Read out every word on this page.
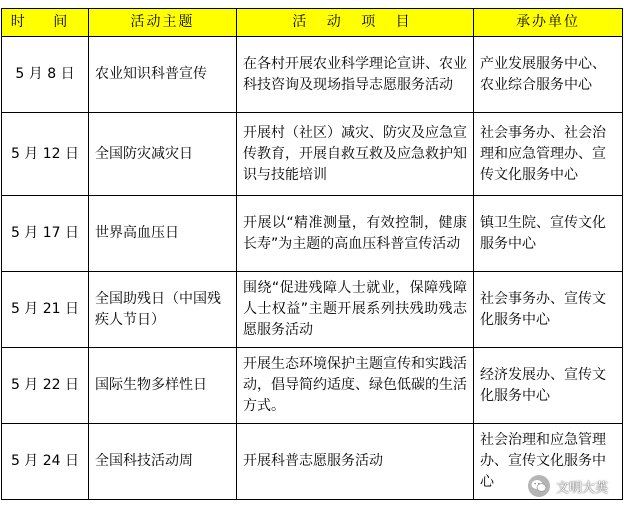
时 间	活动主题	活 动 项 目	承办单位
5 月 8 日	农业知识科普宣传	在各村开展农业科学理论宣讲、农业科技咨询及现场指导志愿服务活动	产业发展服务中心、农业综合服务中心
5 月 12 日	全国防灾减灾日	开展村（社区）减灾、防灾及应急宣传教育，开展自救互救及应急救护知识与技能培训	社会事务办、社会治理和应急管理办、宣传文化服务中心
5 月 17 日	世界高血压日	开展以“精准测量，有效控制，健康长寿”为主题的高血压科普宣传活动	镇卫生院、宣传文化服务中心
5 月 21 日	全国助残日（中国残疾人节日）	围绕“促进残障人士就业，保障残障人士权益”主题开展系列扶残助残志愿服务活动	社会事务办、宣传文化服务中心
5 月 22 日	国际生物多样性日	开展生态环境保护主题宣传和实践活动，倡导简约适度、绿色低碳的生活方式。	经济发展办、宣传文化服务中心
5 月 24 日	全国科技活动周	开展科普志愿服务活动	社会治理和应急管理办、宣传文化服务中心	文明大英
